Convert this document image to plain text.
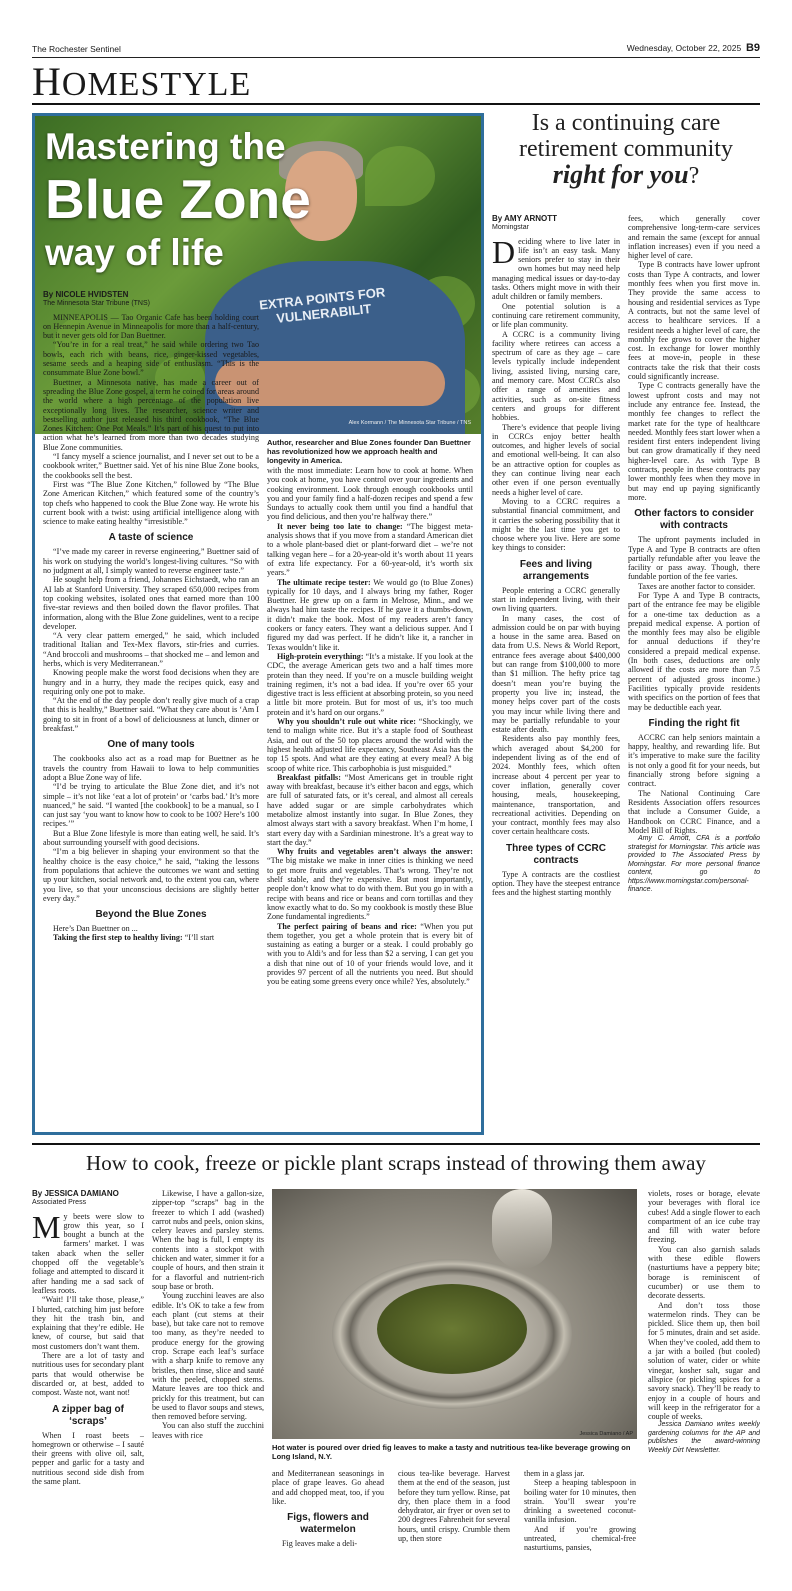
The Rochester Sentinel	Wednesday, October 22, 2025 B9
HOMESTYLE
EXTRA POINTS FOR VULNERABILIT
Mastering the
Blue Zone
way of life
Alex Kormann / The Minnesota Star Tribune / TNS
By NICOLE HVIDSTEN
The Minnesota Star Tribune (TNS)

MINNEAPOLIS — Tao Organic Cafe has been holding court on Hennepin Avenue in Minneapolis for more than a half-century, but it never gets old for Dan Buettner.

“You’re in for a real treat,” he said while ordering two Tao bowls, each rich with beans, rice, ginger-kissed vegetables, sesame seeds and a heaping side of enthusiasm. “This is the consummate Blue Zone bowl.”

Buettner, a Minnesota native, has made a career out of spreading the Blue Zone gospel, a term he coined for areas around the world where a high percentage of the population live exceptionally long lives. The researcher, science writer and bestselling author just released his third cookbook, “The Blue Zones Kitchen: One Pot Meals.” It’s part of his quest to put into action what he’s learned from more than two decades studying Blue Zone communities.

“I fancy myself a science journalist, and I never set out to be a cookbook writer,” Buettner said. Yet of his nine Blue Zone books, the cookbooks sell the best.

First was “The Blue Zone Kitchen,” followed by “The Blue Zone American Kitchen,” which featured some of the country’s top chefs who happened to cook the Blue Zone way. He wrote his current book with a twist: using artificial intelligence along with science to make eating healthy “irresistible.”

A taste of science

“I’ve made my career in reverse engineering,” Buettner said of his work on studying the world’s longest-living cultures. “So with no judgment at all, I simply wanted to reverse engineer taste.”

He sought help from a friend, Johannes Eichstaedt, who ran an AI lab at Stanford University. They scraped 650,000 recipes from top cooking websites, isolated ones that earned more than 100 five-star reviews and then boiled down the flavor profiles. That information, along with the Blue Zone guidelines, went to a recipe developer.

“A very clear pattern emerged,” he said, which included traditional Italian and Tex-Mex flavors, stir-fries and curries. “And broccoli and mushrooms – that shocked me – and lemon and herbs, which is very Mediterranean.”

Knowing people make the worst food decisions when they are hungry and in a hurry, they made the recipes quick, easy and requiring only one pot to make.

“At the end of the day people don’t really give much of a crap that this is healthy,” Buettner said. “What they care about is ‘Am I going to sit in front of a bowl of deliciousness at lunch, dinner or breakfast.”

One of many tools

The cookbooks also act as a road map for Buettner as he travels the country from Hawaii to Iowa to help communities adopt a Blue Zone way of life.

“I’d be trying to articulate the Blue Zone diet, and it’s not simple – it’s not like ‘eat a lot of protein’ or ‘carbs bad.’ It’s more nuanced,” he said. “I wanted [the cookbook] to be a manual, so I can just say ‘you want to know how to cook to be 100? Here’s 100 recipes.’”

But a Blue Zone lifestyle is more than eating well, he said. It’s about surrounding yourself with good decisions.

“I’m a big believer in shaping your environment so that the healthy choice is the easy choice,” he said, “taking the lessons from populations that achieve the outcomes we want and setting up your kitchen, social network and, to the extent you can, where you live, so that your unconscious decisions are slightly better every day.”

Beyond the Blue Zones

Here’s Dan Buettner on ...

Taking the first step to healthy living: “I’ll start

Author, researcher and Blue Zones founder Dan Buettner has revolutionized how we approach health and longevity in America.

with the most immediate: Learn how to cook at home. When you cook at home, you have control over your ingredients and cooking environment. Look through enough cookbooks until you and your family find a half-dozen recipes and spend a few Sundays to actually cook them until you find a handful that you find delicious, and then you’re halfway there.”

It never being too late to change: “The biggest meta-analysis shows that if you move from a standard American diet to a whole plant-based diet or plant-forward diet – we’re not talking vegan here – for a 20-year-old it’s worth about 11 years of extra life expectancy. For a 60-year-old, it’s worth six years.”

The ultimate recipe tester: We would go (to Blue Zones) typically for 10 days, and I always bring my father, Roger Buettner. He grew up on a farm in Melrose, Minn., and we always had him taste the recipes. If he gave it a thumbs-down, it didn’t make the book. Most of my readers aren’t fancy cookers or fancy eaters. They want a delicious supper. And I figured my dad was perfect. If he didn’t like it, a rancher in Texas wouldn’t like it.

High-protein everything: “It’s a mistake. If you look at the CDC, the average American gets two and a half times more protein than they need. If you’re on a muscle building weight training regimen, it’s not a bad idea. If you’re over 65 your digestive tract is less efficient at absorbing protein, so you need a little bit more protein. But for most of us, it’s too much protein and it’s hard on our organs.”

Why you shouldn’t rule out white rice: “Shockingly, we tend to malign white rice. But it’s a staple food of Southeast Asia, and out of the 50 top places around the world with the highest health adjusted life expectancy, Southeast Asia has the top 15 spots. And what are they eating at every meal? A big scoop of white rice. This carbophobia is just misguided.”

Breakfast pitfalls: “Most Americans get in trouble right away with breakfast, because it’s either bacon and eggs, which are full of saturated fats, or it’s cereal, and almost all cereals have added sugar or are simple carbohydrates which metabolize almost instantly into sugar. In Blue Zones, they almost always start with a savory breakfast. When I’m home, I start every day with a Sardinian minestrone. It’s a great way to start the day.”

Why fruits and vegetables aren’t always the answer: “The big mistake we make in inner cities is thinking we need to get more fruits and vegetables. That’s wrong. They’re not shelf stable, and they’re expensive. But most importantly, people don’t know what to do with them. But you go in with a recipe with beans and rice or beans and corn tortillas and they know exactly what to do. So my cookbook is mostly these Blue Zone fundamental ingredients.”

The perfect pairing of beans and rice: “When you put them together, you get a whole protein that is every bit of sustaining as eating a burger or a steak. I could probably go with you to Aldi’s and for less than $2 a serving, I can get you a dish that nine out of 10 of your friends would love, and it provides 97 percent of all the nutrients you need. But should you be eating some greens every once while? Yes, absolutely.”

Is a continuing care
retirement community
right for you?
By AMY ARNOTT
Morningstar

Deciding where to live later in life isn’t an easy task. Many seniors prefer to stay in their own homes but may need help managing medical issues or day-to-day tasks. Others might move in with their adult children or family members.

One potential solution is a continuing care retirement community, or life plan community.

A CCRC is a community living facility where retirees can access a spectrum of care as they age – care levels typically include independent living, assisted living, nursing care, and memory care. Most CCRCs also offer a range of amenities and activities, such as on-site fitness centers and groups for different hobbies.

There’s evidence that people living in CCRCs enjoy better health outcomes, and higher levels of social and emotional well-being. It can also be an attractive option for couples as they can continue living near each other even if one person eventually needs a higher level of care.

Moving to a CCRC requires a substantial financial commitment, and it carries the sobering possibility that it might be the last time you get to choose where you live. Here are some key things to consider:

Fees and living arrangements

People entering a CCRC generally start in independent living, with their own living quarters.

In many cases, the cost of admission could be on par with buying a house in the same area. Based on data from U.S. News & World Report, entrance fees average about $400,000 but can range from $100,000 to more than $1 million. The hefty price tag doesn’t mean you’re buying the property you live in; instead, the money helps cover part of the costs you may incur while living there and may be partially refundable to your estate after death.

Residents also pay monthly fees, which averaged about $4,200 for independent living as of the end of 2024. Monthly fees, which often increase about 4 percent per year to cover inflation, generally cover housing, meals, housekeeping, maintenance, transportation, and recreational activities. Depending on your contract, monthly fees may also cover certain healthcare costs.

Three types of CCRC contracts

Type A contracts are the costliest option. They have the steepest entrance fees and the highest starting monthly

fees, which generally cover comprehensive long-term-care services and remain the same (except for annual inflation increases) even if you need a higher level of care.

Type B contracts have lower upfront costs than Type A contracts, and lower monthly fees when you first move in. They provide the same access to housing and residential services as Type A contracts, but not the same level of access to healthcare services. If a resident needs a higher level of care, the monthly fee grows to cover the higher cost. In exchange for lower monthly fees at move-in, people in these contracts take the risk that their costs could significantly increase.

Type C contracts generally have the lowest upfront costs and may not include any entrance fee. Instead, the monthly fee changes to reflect the market rate for the type of healthcare needed. Monthly fees start lower when a resident first enters independent living but can grow dramatically if they need higher-level care. As with Type B contracts, people in these contracts pay lower monthly fees when they move in but may end up paying significantly more.

Other factors to consider with contracts

The upfront payments included in Type A and Type B contracts are often partially refundable after you leave the facility or pass away. Though, there fundable portion of the fee varies.

Taxes are another factor to consider.

For Type A and Type B contracts, part of the entrance fee may be eligible for a one-time tax deduction as a prepaid medical expense. A portion of the monthly fees may also be eligible for annual deductions if they’re considered a prepaid medical expense. (In both cases, deductions are only allowed if the costs are more than 7.5 percent of adjusted gross income.) Facilities typically provide residents with specifics on the portion of fees that may be deductible each year.

Finding the right fit

ACCRC can help seniors maintain a happy, healthy, and rewarding life. But it’s imperative to make sure the facility is not only a good fit for your needs, but financially strong before signing a contract.

The National Continuing Care Residents Association offers resources that include a Consumer Guide, a Handbook on CCRC Finance, and a Model Bill of Rights.

Amy C. Arnott, CFA is a portfolio strategist for Morningstar. This article was provided to The Associated Press by Morningstar. For more personal finance content, go to https://www.morningstar.com/personal-finance.

How to cook, freeze or pickle plant scraps instead of throwing them away
By JESSICA DAMIANO
Associated Press

My beets were slow to grow this year, so I bought a bunch at the farmers’ market. I was taken aback when the seller chopped off the vegetable’s foliage and attempted to discard it after handing me a sad sack of leafless roots.

“Wait! I’ll take those, please,” I blurted, catching him just before they hit the trash bin, and explaining that they’re edible. He knew, of course, but said that most customers don’t want them.

There are a lot of tasty and nutritious uses for secondary plant parts that would otherwise be discarded or, at best, added to compost. Waste not, want not!

A zipper bag of ‘scraps’

When I roast beets – homegrown or otherwise – I sauté their greens with olive oil, salt, pepper and garlic for a tasty and nutritious second side dish from the same plant.

Likewise, I have a gallon-size, zipper-top “scraps” bag in the freezer to which I add (washed) carrot nubs and peels, onion skins, celery leaves and parsley stems. When the bag is full, I empty its contents into a stockpot with chicken and water, simmer it for a couple of hours, and then strain it for a flavorful and nutrient-rich soup base or broth.

Young zucchini leaves are also edible. It’s OK to take a few from each plant (cut stems at their base), but take care not to remove too many, as they’re needed to produce energy for the growing crop. Scrape each leaf’s surface with a sharp knife to remove any bristles, then rinse, slice and sauté with the peeled, chopped stems. Mature leaves are too thick and prickly for this treatment, but can be used to flavor soups and stews, then removed before serving.

You can also stuff the zucchini leaves with rice	Jessica Damiano / AP
Hot water is poured over dried fig leaves to make a tasty and nutritious tea-like beverage growing on Long Island, N.Y.

and Mediterranean seasonings in place of grape leaves. Go ahead and add chopped meat, too, if you like.

Figs, flowers and watermelon

Fig leaves make a deli-

cious tea-like beverage. Harvest them at the end of the season, just before they turn yellow. Rinse, pat dry, then place them in a food dehydrator, air fryer or oven set to 200 degrees Fahrenheit for several hours, until crispy. Crumble them up, then store

them in a glass jar.

Steep a heaping tablespoon in boiling water for 10 minutes, then strain. You’ll swear you’re drinking a sweetened coconut-vanilla infusion.

And if you’re growing untreated, chemical-free nasturtiums, pansies,

violets, roses or borage, elevate your beverages with floral ice cubes! Add a single flower to each compartment of an ice cube tray and fill with water before freezing.

You can also garnish salads with these edible flowers (nasturtiums have a peppery bite; borage is reminiscent of cucumber) or use them to decorate desserts.

And don’t toss those watermelon rinds. They can be pickled. Slice them up, then boil for 5 minutes, drain and set aside. When they’ve cooled, add them to a jar with a boiled (but cooled) solution of water, cider or white vinegar, kosher salt, sugar and allspice (or pickling spices for a savory snack). They’ll be ready to enjoy in a couple of hours and will keep in the refrigerator for a couple of weeks.

Jessica Damiano writes weekly gardening columns for the AP and publishes the award-winning Weekly Dirt Newsletter.
